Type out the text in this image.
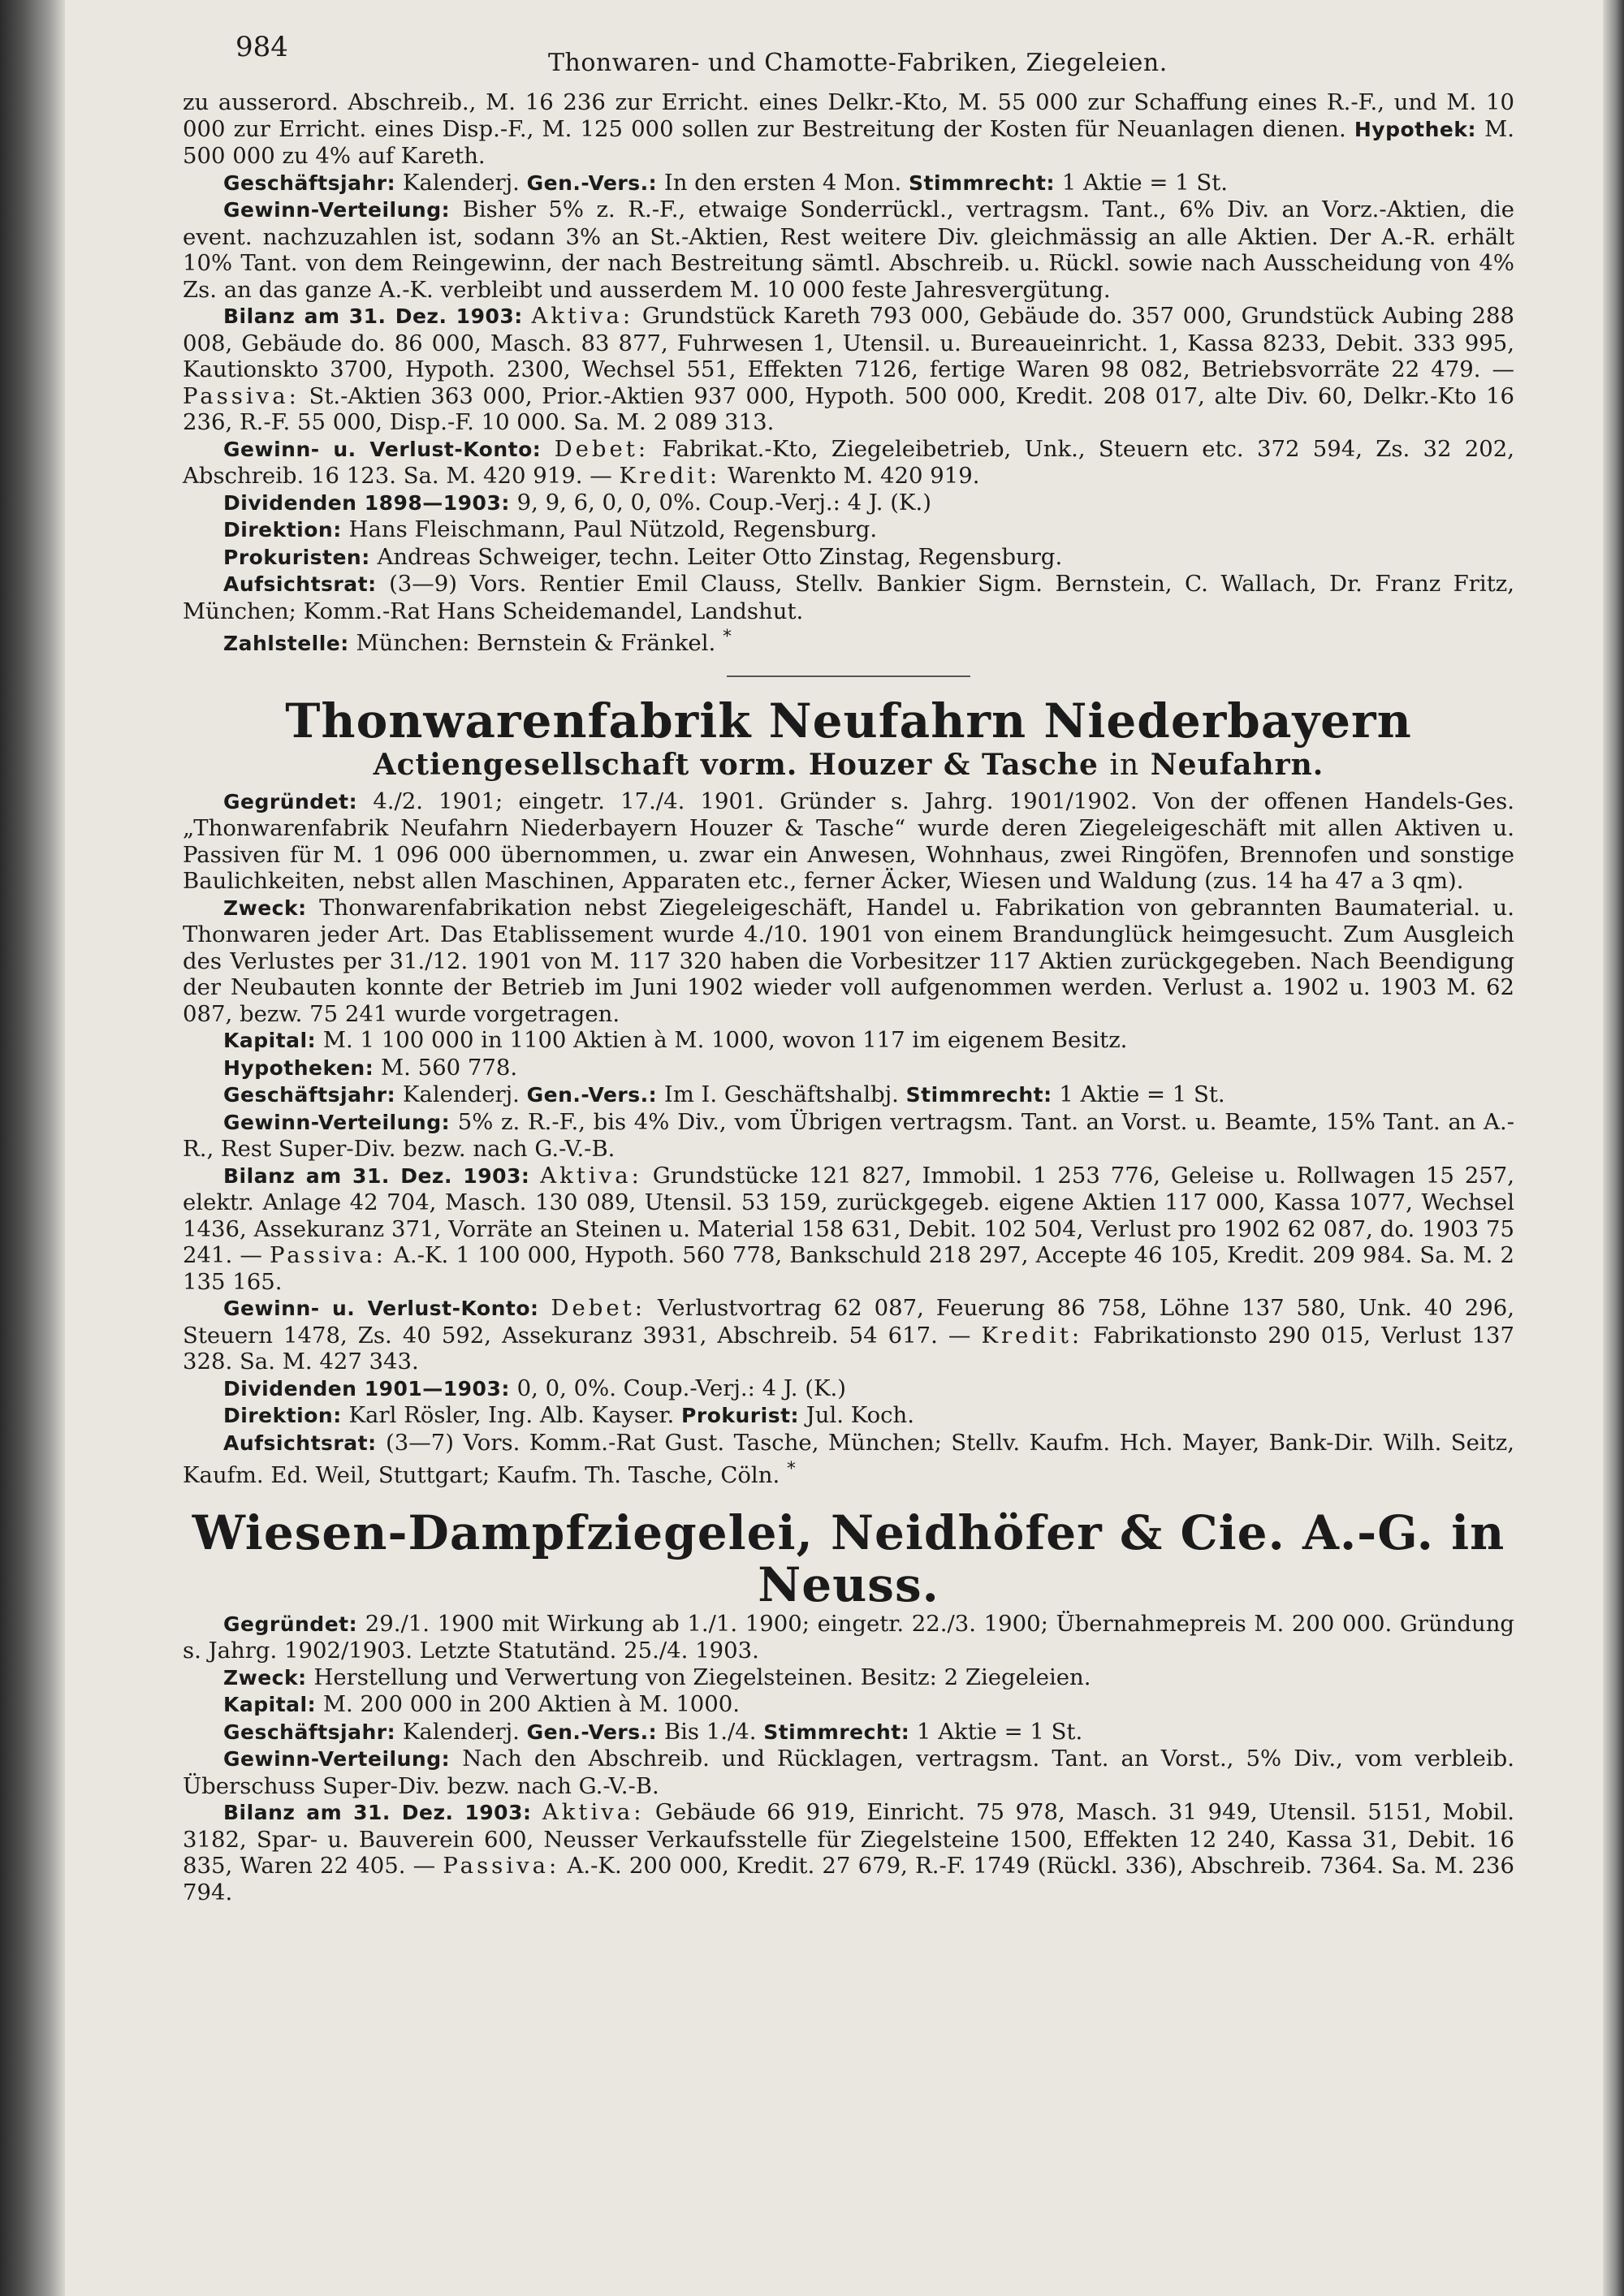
984	Thonwaren- und Chamotte-Fabriken, Ziegeleien.

zu ausserord. Abschreib., M. 16 236 zur Erricht. eines Delkr.-Kto, M. 55 000 zur Schaffung eines R.-F., und M. 10 000 zur Erricht. eines Disp.-F., M. 125 000 sollen zur Bestreitung der Kosten für Neuanlagen dienen. Hypothek: M. 500 000 zu 4% auf Kareth.

Geschäftsjahr: Kalenderj. Gen.-Vers.: In den ersten 4 Mon. Stimmrecht: 1 Aktie = 1 St.

Gewinn-Verteilung: Bisher 5% z. R.-F., etwaige Sonderrückl., vertragsm. Tant., 6% Div. an Vorz.-Aktien, die event. nachzuzahlen ist, sodann 3% an St.-Aktien, Rest weitere Div. gleichmässig an alle Aktien. Der A.-R. erhält 10% Tant. von dem Reingewinn, der nach Bestreitung sämtl. Abschreib. u. Rückl. sowie nach Ausscheidung von 4% Zs. an das ganze A.-K. verbleibt und ausserdem M. 10 000 feste Jahresvergütung.

Bilanz am 31. Dez. 1903: Aktiva: Grundstück Kareth 793 000, Gebäude do. 357 000, Grundstück Aubing 288 008, Gebäude do. 86 000, Masch. 83 877, Fuhrwesen 1, Utensil. u. Bureaueinricht. 1, Kassa 8233, Debit. 333 995, Kautionskto 3700, Hypoth. 2300, Wechsel 551, Effekten 7126, fertige Waren 98 082, Betriebsvorräte 22 479. — Passiva: St.-Aktien 363 000, Prior.-Aktien 937 000, Hypoth. 500 000, Kredit. 208 017, alte Div. 60, Delkr.-Kto 16 236, R.-F. 55 000, Disp.-F. 10 000. Sa. M. 2 089 313.

Gewinn- u. Verlust-Konto: Debet: Fabrikat.-Kto, Ziegeleibetrieb, Unk., Steuern etc. 372 594, Zs. 32 202, Abschreib. 16 123. Sa. M. 420 919. — Kredit: Warenkto M. 420 919.

Dividenden 1898—1903: 9, 9, 6, 0, 0, 0%. Coup.-Verj.: 4 J. (K.)

Direktion: Hans Fleischmann, Paul Nützold, Regensburg.

Prokuristen: Andreas Schweiger, techn. Leiter Otto Zinstag, Regensburg.

Aufsichtsrat: (3—9) Vors. Rentier Emil Clauss, Stellv. Bankier Sigm. Bernstein, C. Wallach, Dr. Franz Fritz, München; Komm.-Rat Hans Scheidemandel, Landshut.

Zahlstelle: München: Bernstein & Fränkel. *

Thonwarenfabrik Neufahrn Niederbayern
Actiengesellschaft vorm. Houzer & Tasche in Neufahrn.

Gegründet: 4./2. 1901; eingetr. 17./4. 1901. Gründer s. Jahrg. 1901/1902. Von der offenen Handels-Ges. „Thonwarenfabrik Neufahrn Niederbayern Houzer & Tasche“ wurde deren Ziegeleigeschäft mit allen Aktiven u. Passiven für M. 1 096 000 übernommen, u. zwar ein Anwesen, Wohnhaus, zwei Ringöfen, Brennofen und sonstige Baulichkeiten, nebst allen Maschinen, Apparaten etc., ferner Äcker, Wiesen und Waldung (zus. 14 ha 47 a 3 qm).

Zweck: Thonwarenfabrikation nebst Ziegeleigeschäft, Handel u. Fabrikation von gebrannten Baumaterial. u. Thonwaren jeder Art. Das Etablissement wurde 4./10. 1901 von einem Brandunglück heimgesucht. Zum Ausgleich des Verlustes per 31./12. 1901 von M. 117 320 haben die Vorbesitzer 117 Aktien zurückgegeben. Nach Beendigung der Neubauten konnte der Betrieb im Juni 1902 wieder voll aufgenommen werden. Verlust a. 1902 u. 1903 M. 62 087, bezw. 75 241 wurde vorgetragen.

Kapital: M. 1 100 000 in 1100 Aktien à M. 1000, wovon 117 im eigenem Besitz.

Hypotheken: M. 560 778.

Geschäftsjahr: Kalenderj. Gen.-Vers.: Im I. Geschäftshalbj. Stimmrecht: 1 Aktie = 1 St.

Gewinn-Verteilung: 5% z. R.-F., bis 4% Div., vom Übrigen vertragsm. Tant. an Vorst. u. Beamte, 15% Tant. an A.-R., Rest Super-Div. bezw. nach G.-V.-B.

Bilanz am 31. Dez. 1903: Aktiva: Grundstücke 121 827, Immobil. 1 253 776, Geleise u. Rollwagen 15 257, elektr. Anlage 42 704, Masch. 130 089, Utensil. 53 159, zurückgegeb. eigene Aktien 117 000, Kassa 1077, Wechsel 1436, Assekuranz 371, Vorräte an Steinen u. Material 158 631, Debit. 102 504, Verlust pro 1902 62 087, do. 1903 75 241. — Passiva: A.-K. 1 100 000, Hypoth. 560 778, Bankschuld 218 297, Accepte 46 105, Kredit. 209 984. Sa. M. 2 135 165.

Gewinn- u. Verlust-Konto: Debet: Verlustvortrag 62 087, Feuerung 86 758, Löhne 137 580, Unk. 40 296, Steuern 1478, Zs. 40 592, Assekuranz 3931, Abschreib. 54 617. — Kredit: Fabrikationsto 290 015, Verlust 137 328. Sa. M. 427 343.

Dividenden 1901—1903: 0, 0, 0%. Coup.-Verj.: 4 J. (K.)

Direktion: Karl Rösler, Ing. Alb. Kayser. Prokurist: Jul. Koch.

Aufsichtsrat: (3—7) Vors. Komm.-Rat Gust. Tasche, München; Stellv. Kaufm. Hch. Mayer, Bank-Dir. Wilh. Seitz, Kaufm. Ed. Weil, Stuttgart; Kaufm. Th. Tasche, Cöln. *

Wiesen-Dampfziegelei, Neidhöfer & Cie. A.-G. in Neuss.

Gegründet: 29./1. 1900 mit Wirkung ab 1./1. 1900; eingetr. 22./3. 1900; Übernahmepreis M. 200 000. Gründung s. Jahrg. 1902/1903. Letzte Statutänd. 25./4. 1903.

Zweck: Herstellung und Verwertung von Ziegelsteinen. Besitz: 2 Ziegeleien.

Kapital: M. 200 000 in 200 Aktien à M. 1000.

Geschäftsjahr: Kalenderj. Gen.-Vers.: Bis 1./4. Stimmrecht: 1 Aktie = 1 St.

Gewinn-Verteilung: Nach den Abschreib. und Rücklagen, vertragsm. Tant. an Vorst., 5% Div., vom verbleib. Überschuss Super-Div. bezw. nach G.-V.-B.

Bilanz am 31. Dez. 1903: Aktiva: Gebäude 66 919, Einricht. 75 978, Masch. 31 949, Utensil. 5151, Mobil. 3182, Spar- u. Bauverein 600, Neusser Verkaufsstelle für Ziegelsteine 1500, Effekten 12 240, Kassa 31, Debit. 16 835, Waren 22 405. — Passiva: A.-K. 200 000, Kredit. 27 679, R.-F. 1749 (Rückl. 336), Abschreib. 7364. Sa. M. 236 794.
